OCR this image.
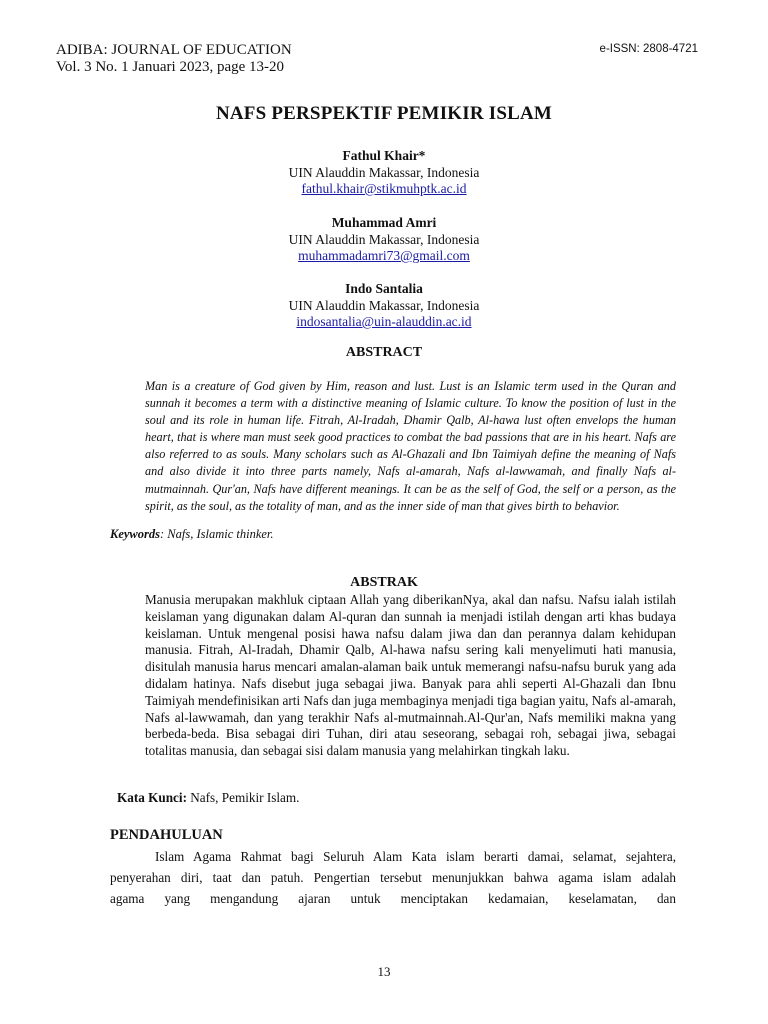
ADIBA: JOURNAL OF EDUCATION
Vol. 3 No. 1 Januari 2023, page 13-20
e-ISSN: 2808-4721
NAFS PERSPEKTIF PEMIKIR ISLAM
Fathul Khair*
UIN Alauddin Makassar, Indonesia
fathul.khair@stikmuhptk.ac.id
Muhammad Amri
UIN Alauddin Makassar, Indonesia
muhammadamri73@gmail.com
Indo Santalia
UIN Alauddin Makassar, Indonesia
indosantalia@uin-alauddin.ac.id
ABSTRACT
Man is a creature of God given by Him, reason and lust. Lust is an Islamic term used in the Quran and sunnah it becomes a term with a distinctive meaning of Islamic culture. To know the position of lust in the soul and its role in human life. Fitrah, Al-Iradah, Dhamir Qalb, Al-hawa lust often envelops the human heart, that is where man must seek good practices to combat the bad passions that are in his heart. Nafs are also referred to as souls. Many scholars such as Al-Ghazali and Ibn Taimiyah define the meaning of Nafs and also divide it into three parts namely, Nafs al-amarah, Nafs al-lawwamah, and finally Nafs al-mutmainnah. Qur'an, Nafs have different meanings. It can be as the self of God, the self or a person, as the spirit, as the soul, as the totality of man, and as the inner side of man that gives birth to behavior.
Keywords: Nafs, Islamic thinker.
ABSTRAK
Manusia merupakan makhluk ciptaan Allah yang diberikanNya, akal dan nafsu. Nafsu ialah istilah keislaman yang digunakan dalam Al-quran dan sunnah ia menjadi istilah dengan arti khas budaya keislaman. Untuk mengenal posisi hawa nafsu dalam jiwa dan dan perannya dalam kehidupan manusia. Fitrah, Al-Iradah, Dhamir Qalb, Al-hawa nafsu sering kali menyelimuti hati manusia, disitulah manusia harus mencari amalan-alaman baik untuk memerangi nafsu-nafsu buruk yang ada didalam hatinya. Nafs disebut juga sebagai jiwa. Banyak para ahli seperti Al-Ghazali dan Ibnu Taimiyah mendefinisikan arti Nafs dan juga membaginya menjadi tiga bagian yaitu, Nafs al-amarah, Nafs al-lawwamah, dan yang terakhir Nafs al-mutmainnah.Al-Qur'an, Nafs memiliki makna yang berbeda-beda. Bisa sebagai diri Tuhan, diri atau seseorang, sebagai roh, sebagai jiwa, sebagai totalitas manusia, dan sebagai sisi dalam manusia yang melahirkan tingkah laku.
Kata Kunci: Nafs, Pemikir Islam.
PENDAHULUAN
Islam Agama Rahmat bagi Seluruh Alam Kata islam berarti damai, selamat, sejahtera,
penyerahan diri, taat dan patuh. Pengertian tersebut menunjukkan bahwa agama islam adalah
agama yang mengandung ajaran untuk menciptakan kedamaian, keselamatan, dan
13
